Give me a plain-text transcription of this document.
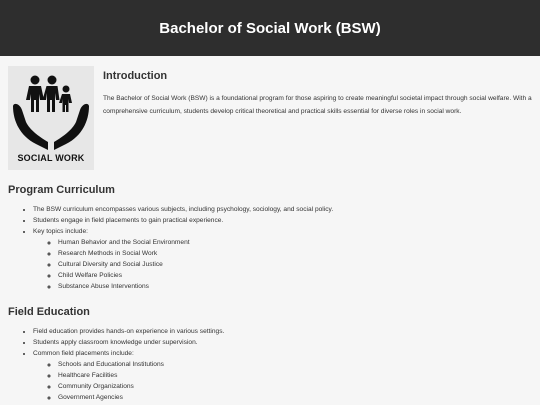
Bachelor of Social Work (BSW)
SOCIAL WORK
Introduction

The Bachelor of Social Work (BSW) is a foundational program for those aspiring to create meaningful societal impact through social welfare. With a comprehensive curriculum, students develop critical theoretical and practical skills essential for diverse roles in social work.

Program Curriculum
• The BSW curriculum encompasses various subjects, including psychology, sociology, and social policy.
• Students engage in field placements to gain practical experience.
• Key topics include:
◦ Human Behavior and the Social Environment
◦ Research Methods in Social Work
◦ Cultural Diversity and Social Justice
◦ Child Welfare Policies
◦ Substance Abuse Interventions
Field Education
• Field education provides hands-on experience in various settings.
• Students apply classroom knowledge under supervision.
• Common field placements include:
◦ Schools and Educational Institutions
◦ Healthcare Facilities
◦ Community Organizations
◦ Government Agencies
